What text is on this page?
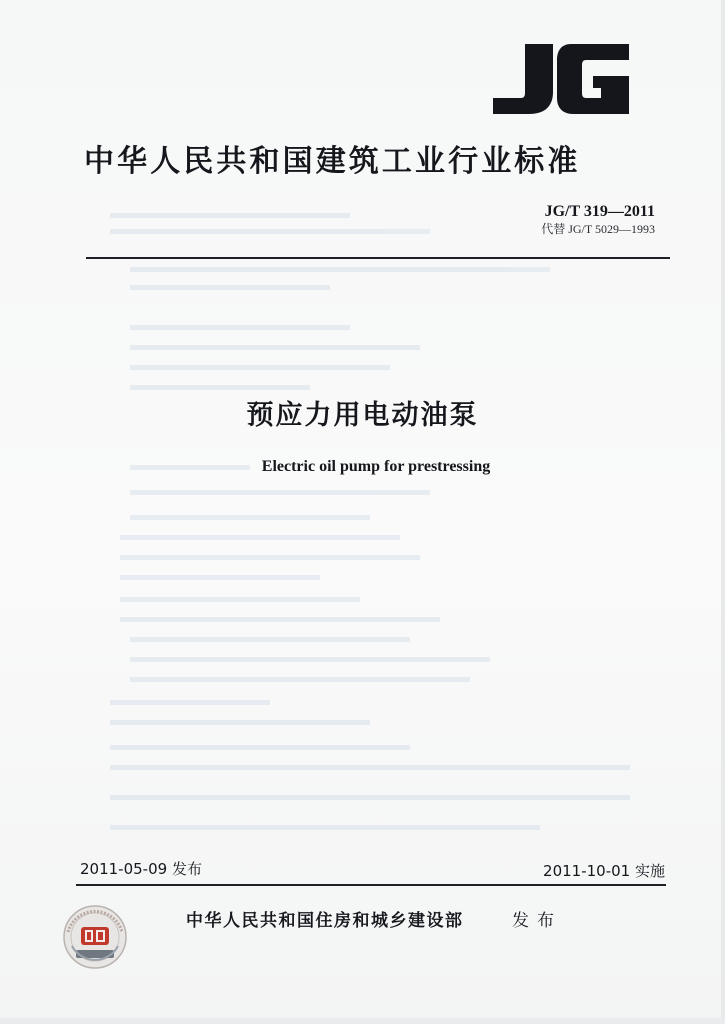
中华人民共和国建筑工业行业标准
JG/T 319—2011
代替 JG/T 5029—1993
预应力用电动油泵
Electric oil pump for prestressing
2011-05-09 发布	2011-10-01 实施
中华人民共和国住房和城乡建设部	发布
